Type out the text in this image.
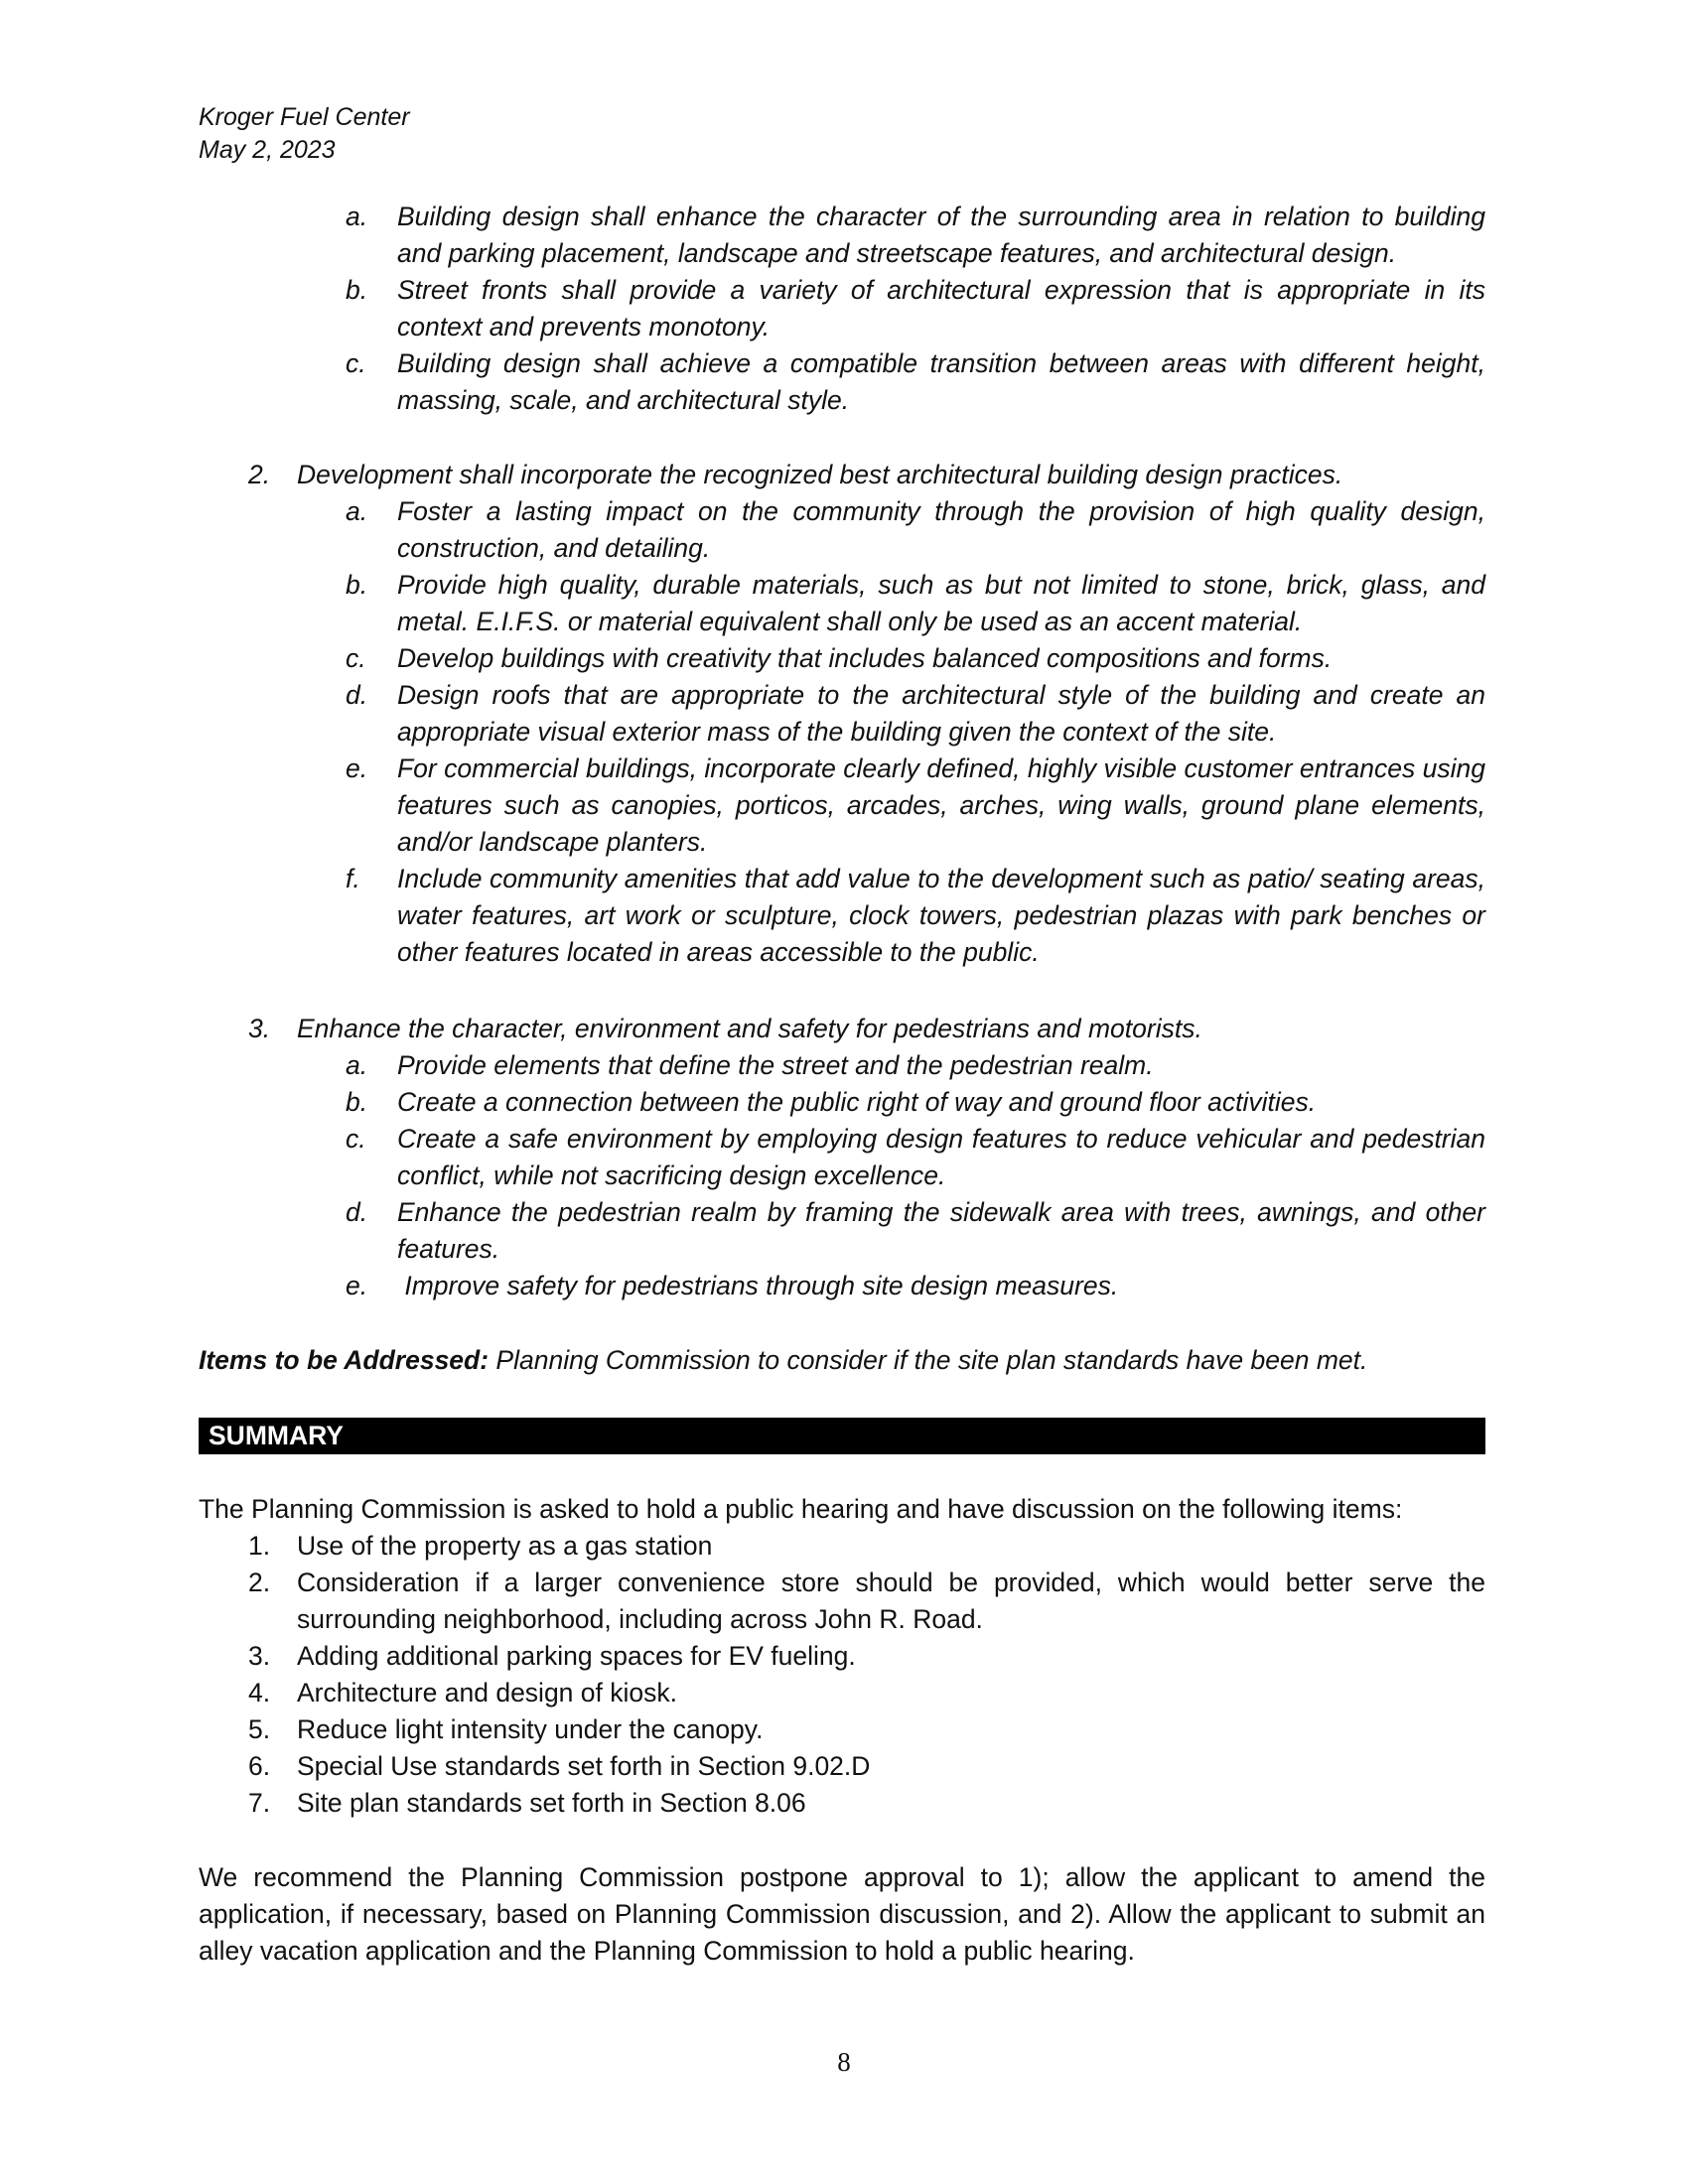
Kroger Fuel Center
May 2, 2023
a.	Building design shall enhance the character of the surrounding area in relation to building and parking placement, landscape and streetscape features, and architectural design.
b.	Street fronts shall provide a variety of architectural expression that is appropriate in its context and prevents monotony.
c.	Building design shall achieve a compatible transition between areas with different height, massing, scale, and architectural style.
2.	Development shall incorporate the recognized best architectural building design practices.
a.	Foster a lasting impact on the community through the provision of high quality design, construction, and detailing.
b.	Provide high quality, durable materials, such as but not limited to stone, brick, glass, and metal. E.I.F.S. or material equivalent shall only be used as an accent material.
c.	Develop buildings with creativity that includes balanced compositions and forms.
d.	Design roofs that are appropriate to the architectural style of the building and create an appropriate visual exterior mass of the building given the context of the site.
e.	For commercial buildings, incorporate clearly defined, highly visible customer entrances using features such as canopies, porticos, arcades, arches, wing walls, ground plane elements, and/or landscape planters.
f.	Include community amenities that add value to the development such as patio/ seating areas, water features, art work or sculpture, clock towers, pedestrian plazas with park benches or other features located in areas accessible to the public.
3.	Enhance the character, environment and safety for pedestrians and motorists.
a.	Provide elements that define the street and the pedestrian realm.
b.	Create a connection between the public right of way and ground floor activities.
c.	Create a safe environment by employing design features to reduce vehicular and pedestrian conflict, while not sacrificing design excellence.
d.	Enhance the pedestrian realm by framing the sidewalk area with trees, awnings, and other features.
e.	Improve safety for pedestrians through site design measures.
Items to be Addressed: Planning Commission to consider if the site plan standards have been met.
SUMMARY
The Planning Commission is asked to hold a public hearing and have discussion on the following items:
1.	Use of the property as a gas station
2.	Consideration if a larger convenience store should be provided, which would better serve the surrounding neighborhood, including across John R. Road.
3.	Adding additional parking spaces for EV fueling.
4.	Architecture and design of kiosk.
5.	Reduce light intensity under the canopy.
6.	Special Use standards set forth in Section 9.02.D
7.	Site plan standards set forth in Section 8.06
We recommend the Planning Commission postpone approval to 1); allow the applicant to amend the application, if necessary, based on Planning Commission discussion, and 2). Allow the applicant to submit an alley vacation application and the Planning Commission to hold a public hearing.
8
